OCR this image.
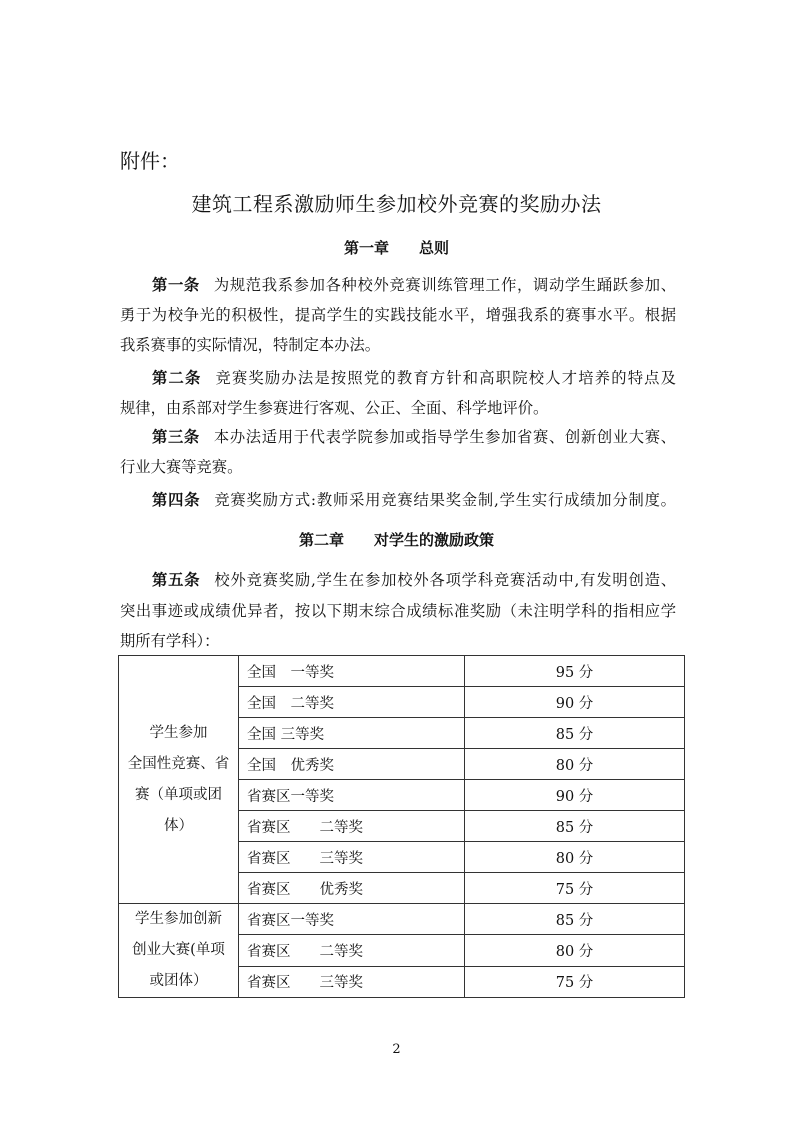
附件：
建筑工程系激励师生参加校外竞赛的奖励办法
第一章 总则
第一条 为规范我系参加各种校外竞赛训练管理工作，调动学生踊跃参加、
勇于为校争光的积极性，提高学生的实践技能水平，增强我系的赛事水平。根据
我系赛事的实际情况，特制定本办法。
第二条 竞赛奖励办法是按照党的教育方针和高职院校人才培养的特点及
规律，由系部对学生参赛进行客观、公正、全面、科学地评价。
第三条 本办法适用于代表学院参加或指导学生参加省赛、创新创业大赛、
行业大赛等竞赛。
第四条 竞赛奖励方式:教师采用竞赛结果奖金制,学生实行成绩加分制度。
第二章 对学生的激励政策
第五条 校外竞赛奖励,学生在参加校外各项学科竞赛活动中,有发明创造、
突出事迹或成绩优异者，按以下期末综合成绩标准奖励（未注明学科的指相应学
期所有学科）：
学生参加
全国性竞赛、省
赛（单项或团
体）	全国　一等奖	95 分
	全国　二等奖	90 分
	全国 三等奖	85 分
	全国　优秀奖	80 分
	省赛区一等奖	90 分
	省赛区　　二等奖	85 分
	省赛区　　三等奖	80 分
	省赛区　　优秀奖	75 分

学生参加创新
创业大赛(单项
或团体）	省赛区一等奖	85 分
	省赛区　　二等奖	80 分
	省赛区　　三等奖	75 分
2
